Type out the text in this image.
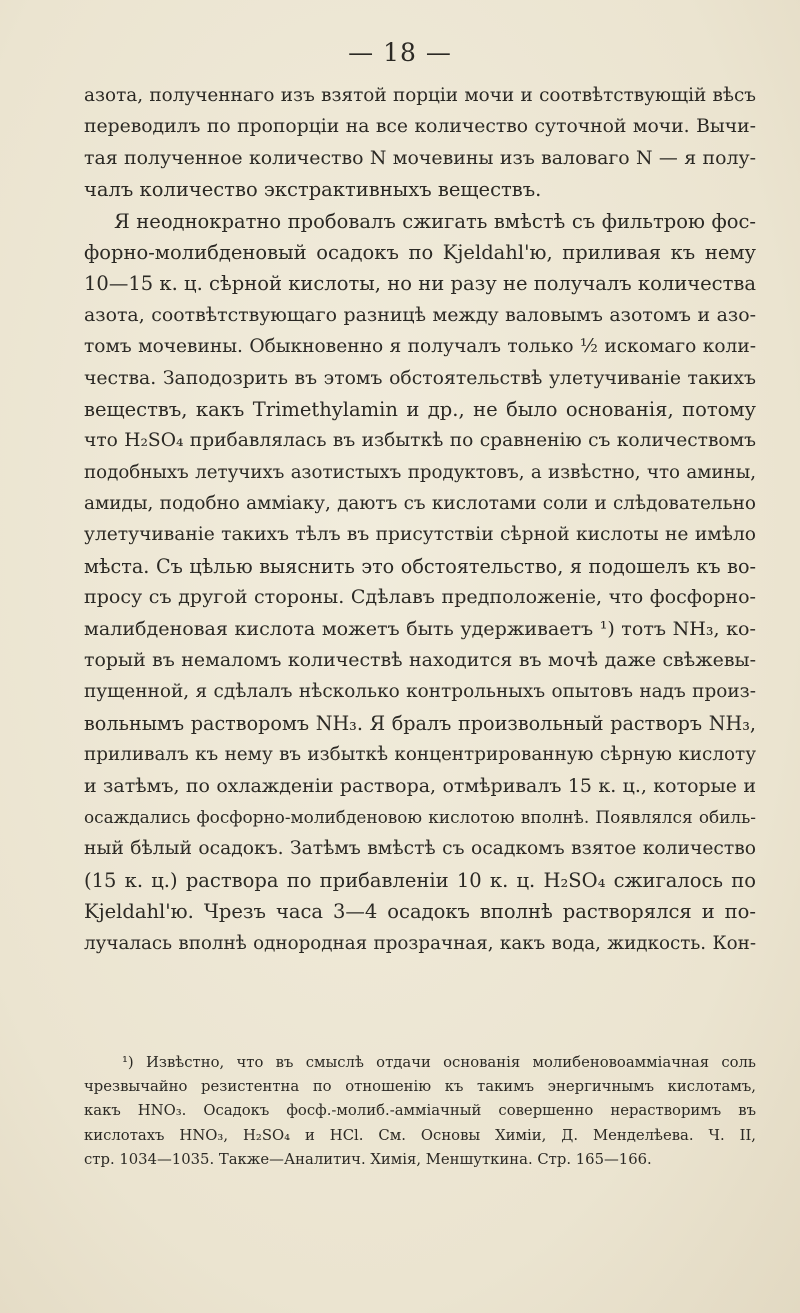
— 18 —
азота, полученнаго изъ взятой порціи мочи и соотвѣтствующій вѣсъ
переводилъ по пропорціи на все количество суточной мочи. Вычи-
тая полученное количество N мочевины изъ валоваго N — я полу-
чалъ количество экстрактивныхъ веществъ.
Я неоднократно пробовалъ сжигать вмѣстѣ съ фильтрою фос-
форно-молибденовый осадокъ по Kjeldahl'ю, приливая къ нему
10—15 к. ц. сѣрной кислоты, но ни разу не получалъ количества
азота, соотвѣтствующаго разницѣ между валовымъ азотомъ и азо-
томъ мочевины. Обыкновенно я получалъ только ½ искомаго коли-
чества. Заподозрить въ этомъ обстоятельствѣ улетучиваніе такихъ
веществъ, какъ Trimethylamin и др., не было основанія, потому
что H₂SO₄ прибавлялась въ избыткѣ по сравненію съ количествомъ
подобныхъ летучихъ азотистыхъ продуктовъ, а извѣстно, что амины,
амиды, подобно амміаку, даютъ съ кислотами соли и слѣдовательно
улетучиваніе такихъ тѣлъ въ присутствіи сѣрной кислоты не имѣло
мѣста. Съ цѣлью выяснить это обстоятельство, я подошелъ къ во-
просу съ другой стороны. Сдѣлавъ предположеніе, что фосфорно-
малибденовая кислота можетъ быть удерживаетъ ¹) тотъ NH₃, ко-
торый въ немаломъ количествѣ находится въ мочѣ даже свѣжевы-
пущенной, я сдѣлалъ нѣсколько контрольныхъ опытовъ надъ произ-
вольнымъ растворомъ NH₃. Я бралъ произвольный растворъ NH₃,
приливалъ къ нему въ избыткѣ концентрированную сѣрную кислоту
и затѣмъ, по охлажденіи раствора, отмѣривалъ 15 к. ц., которые и
осаждались фосфорно-молибденовою кислотою вполнѣ. Появлялся обиль-
ный бѣлый осадокъ. Затѣмъ вмѣстѣ съ осадкомъ взятое количество
(15 к. ц.) раствора по прибавленіи 10 к. ц. H₂SO₄ сжигалось по
Kjeldahl'ю. Чрезъ часа 3—4 осадокъ вполнѣ растворялся и по-
лучалась вполнѣ однородная прозрачная, какъ вода, жидкость. Кон-
¹) Извѣстно, что въ смыслѣ отдачи основанія молибеновоамміачная соль
чрезвычайно резистентна по отношенію къ такимъ энергичнымъ кислотамъ,
какъ HNO₃. Осадокъ фосф.-молиб.-амміачный совершенно нерастворимъ въ
кислотахъ HNO₃, H₂SO₄ и HCl. См. Основы Химіи, Д. Менделѣева. Ч. II,
стр. 1034—1035. Также—Аналитич. Химія, Меншуткина. Стр. 165—166.
